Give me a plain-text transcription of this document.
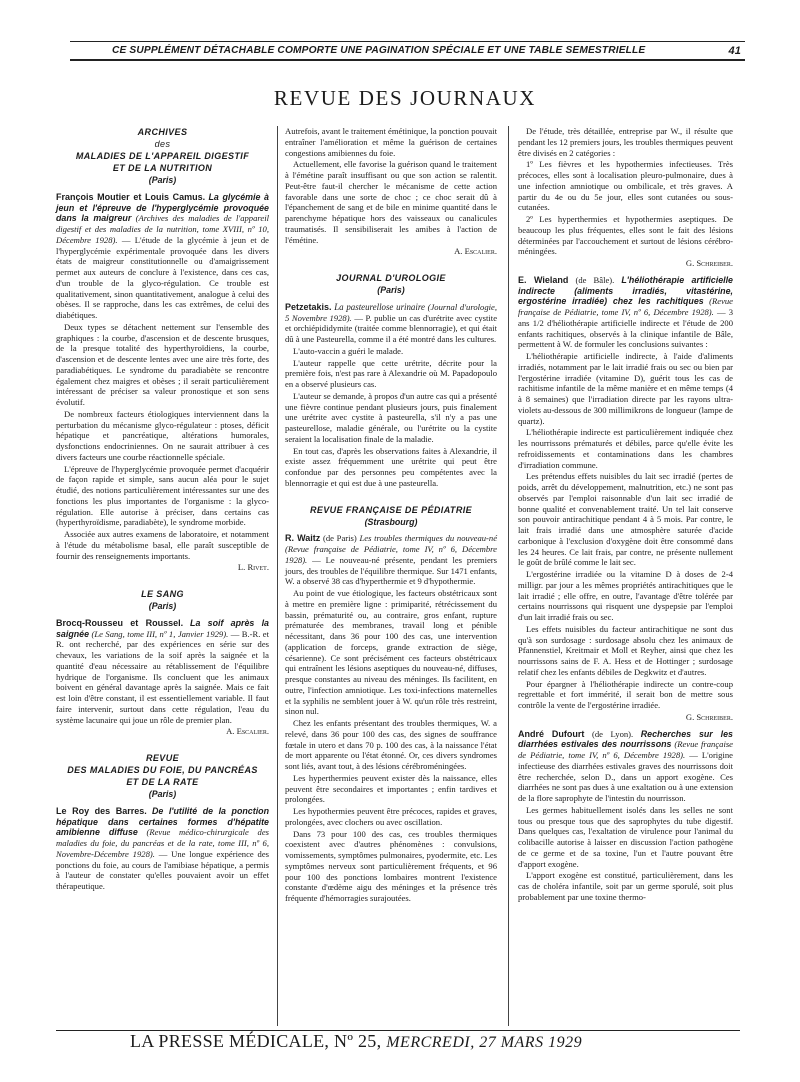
CE SUPPLÉMENT DÉTACHABLE COMPORTE UNE PAGINATION SPÉCIALE ET UNE TABLE SEMESTRIELLE	41
REVUE DES JOURNAUX
ARCHIVES
des
MALADIES DE L'APPAREIL DIGESTIF
ET DE LA NUTRITION
(Paris)

François Moutier et Louis Camus. La glycémie à jeun et l'épreuve de l'hyperglycémie provoquée dans la maigreur (Archives des maladies de l'appareil digestif et des maladies de la nutrition, tome XVIII, nº 10, Décembre 1928). — L'étude de la glycémie à jeun et de l'hyperglycémie expérimentale provoquée dans les divers états de maigreur constitutionnelle ou d'amaigrissement permet aux auteurs de conclure à l'existence, dans ces cas, d'un trouble de la glyco-régulation. Ce trouble est qualitativement, sinon quantitativement, analogue à celui des obèses. Il se rapproche, dans les cas extrêmes, de celui des diabétiques.

Deux types se détachent nettement sur l'ensemble des graphiques : la courbe, d'ascension et de descente brusques, de la presque totalité des hyperthyroïdiens, la courbe, d'ascension et de descente lentes avec une aire très forte, des paradiabétiques. Le syndrome du paradiabète se rencontre également chez maigres et obèses ; il serait particulièrement intéressant de préciser sa valeur pronostique et son sens évolutif.

De nombreux facteurs étiologiques interviennent dans la perturbation du mécanisme glyco-régulateur : ptoses, déficit hépatique et pancréatique, altérations humorales, dysfonctions endocriniennes. On ne saurait attribuer à ces divers facteurs une courbe réactionnelle spéciale.

L'épreuve de l'hyperglycémie provoquée permet d'acquérir de façon rapide et simple, sans aucun aléa pour le sujet étudié, des notions particulièrement intéressantes sur une des fonctions les plus importantes de l'organisme : la glyco-régulation. Elle autorise à préciser, dans certains cas (hyperthyroïdisme, paradiabète), le syndrome morbide.

Associée aux autres examens de laboratoire, et notamment à l'étude du métabolisme basal, elle paraît susceptible de fournir des renseignements importants.

L. Rivet.

LE SANG
(Paris)

Brocq-Rousseu et Roussel. La soif après la saignée (Le Sang, tome III, nº 1, Janvier 1929). — B.-R. et R. ont recherché, par des expériences en série sur des chevaux, les variations de la soif après la saignée et la quantité d'eau nécessaire au rétablissement de l'équilibre hydrique de l'organisme. Ils concluent que les animaux boivent en général davantage après la saignée. Mais ce fait est loin d'être constant, il est essentiellement variable. Il faut faire intervenir, surtout dans cette régulation, l'eau du système lacunaire qui joue un rôle de premier plan.

A. Escalier.

REVUE
DES MALADIES DU FOIE, DU PANCRÉAS
ET DE LA RATE
(Paris)

Le Roy des Barres. De l'utilité de la ponction hépatique dans certaines formes d'hépatite amibienne diffuse (Revue médico-chirurgicale des maladies du foie, du pancréas et de la rate, tome III, nº 6, Novembre-Décembre 1928). — Une longue expérience des ponctions du foie, au cours de l'amibiase hépatique, a permis à l'auteur de constater qu'elles pouvaient avoir un effet thérapeutique.

Autrefois, avant le traitement émétinique, la ponction pouvait entraîner l'amélioration et même la guérison de certaines congestions amibiennes du foie.

Actuellement, elle favorise la guérison quand le traitement à l'émétine paraît insuffisant ou que son action se ralentit. Peut-être faut-il chercher le mécanisme de cette action favorable dans une sorte de choc ; ce choc serait dû à l'épanchement de sang et de bile en minime quantité dans le parenchyme hépatique hors des vaisseaux ou canalicules traumatisés. Il sensibiliserait les amibes à l'action de l'émétine.

A. Escalier.

JOURNAL D'UROLOGIE
(Paris)

Petzetakis. La pasteurellose urinaire (Journal d'urologie, 5 Novembre 1928). — P. publie un cas d'urétrite avec cystite et orchiépididymite (traitée comme blennorragie), et qui était dû à une Pasteurella, comme il a été montré dans les cultures.

L'auto-vaccin a guéri le malade.

L'auteur rappelle que cette urétrite, décrite pour la première fois, n'est pas rare à Alexandrie où M. Papadopoulo en a observé plusieurs cas.

L'auteur se demande, à propos d'un autre cas qui a présenté une fièvre continue pendant plusieurs jours, puis finalement une urétrite avec cystite à pasteurella, s'il n'y a pas une pasteurellose, maladie générale, ou l'urétrite ou la cystite seraient la localisation finale de la maladie.

En tout cas, d'après les observations faites à Alexandrie, il existe assez fréquemment une urétrite qui peut être confondue par des personnes peu compétentes avec la blennorragie et qui est due à une pasteurella.

REVUE FRANÇAISE DE PÉDIATRIE
(Strasbourg)

R. Waitz (de Paris) Les troubles thermiques du nouveau-né (Revue française de Pédiatrie, tome IV, nº 6, Décembre 1928). — Le nouveau-né présente, pendant les premiers jours, des troubles de l'équilibre thermique. Sur 1471 enfants, W. a observé 38 cas d'hyperthermie et 9 d'hypothermie.

Au point de vue étiologique, les facteurs obstétricaux sont à mettre en première ligne : primiparité, rétrécissement du bassin, prématurité ou, au contraire, gros enfant, rupture prématurée des membranes, travail long et pénible nécessitant, dans 36 pour 100 des cas, une intervention (application de forceps, grande extraction de siège, césarienne). Ce sont précisément ces facteurs obstétricaux qui entraînent les lésions aseptiques du nouveau-né, diffuses, presque constantes au niveau des méninges. Ils facilitent, en outre, l'infection amniotique. Les toxi-infections maternelles et la syphilis ne semblent jouer à W. qu'un rôle très restreint, sinon nul.

Chez les enfants présentant des troubles thermiques, W. a relevé, dans 36 pour 100 des cas, des signes de souffrance fœtale in utero et dans 70 p. 100 des cas, à la naissance l'état de mort apparente ou l'état étonné. Or, ces divers syndromes sont liés, avant tout, à des lésions cérébroméningées.

Les hyperthermies peuvent exister dès la naissance, elles peuvent être secondaires et importantes ; enfin tardives et prolongées.

Les hypothermies peuvent être précoces, rapides et graves, prolongées, avec clochers ou avec oscillation.

Dans 73 pour 100 des cas, ces troubles thermiques coexistent avec d'autres phénomènes : convulsions, vomissements, symptômes pulmonaires, pyodermite, etc. Les symptômes nerveux sont particulièrement fréquents, et 96 pour 100 des ponctions lombaires montrent l'existence constante d'œdème aigu des méninges et la présence très fréquente d'hémorragies surajoutées.

De l'étude, très détaillée, entreprise par W., il résulte que pendant les 12 premiers jours, les troubles thermiques peuvent être divisés en 2 catégories :

1º Les fièvres et les hypothermies infectieuses. Très précoces, elles sont à localisation pleuro-pulmonaire, dues à une infection amniotique ou ombilicale, et très graves. A partir du 4e ou du 5e jour, elles sont cutanées ou sous-cutanées.

2º Les hyperthermies et hypothermies aseptiques. De beaucoup les plus fréquentes, elles sont le fait des lésions déterminées par l'accouchement et surtout de lésions cérébro-méningées.

G. Schreiber.

E. Wieland (de Bâle). L'héliothérapie artificielle indirecte (aliments irradiés, vitastérine, ergostérine irradiée) chez les rachitiques (Revue française de Pédiatrie, tome IV, nº 6, Décembre 1928). — 3 ans 1/2 d'héliothérapie artificielle indirecte et l'étude de 200 enfants rachitiques, observés à la clinique infantile de Bâle, permettent à W. de formuler les conclusions suivantes :

L'héliothérapie artificielle indirecte, à l'aide d'aliments irradiés, notamment par le lait irradié frais ou sec ou bien par l'ergostérine irradiée (vitamine D), guérit tous les cas de rachitisme infantile de la même manière et en même temps (4 à 8 semaines) que l'irradiation directe par les rayons ultra-violets au-dessous de 300 millimikrons de longueur (lampe de quartz).

L'héliothérapie indirecte est particulièrement indiquée chez les nourrissons prématurés et débiles, parce qu'elle évite les refroidissements et contaminations dans les chambres d'irradiation commune.

Les prétendus effets nuisibles du lait sec irradié (pertes de poids, arrêt du développement, malnutrition, etc.) ne sont pas observés par l'emploi raisonnable d'un lait sec irradié de bonne qualité et convenablement traité. Un tel lait conserve son pouvoir antirachitique pendant 4 à 5 mois. Par contre, le lait frais irradié dans une atmosphère saturée d'acide carbonique à l'exclusion d'oxygène doit être consommé dans les 24 heures. Ce lait frais, par contre, ne présente nullement le goût de brûlé comme le lait sec.

L'ergostérine irradiée ou la vitamine D à doses de 2-4 milligr. par jour a les mêmes propriétés antirachitiques que le lait irradié ; elle offre, en outre, l'avantage d'être tolérée par certains nourrissons qui risquent une dyspepsie par l'emploi d'un lait irradié frais ou sec.

Les effets nuisibles du facteur antirachitique ne sont dus qu'à son surdosage : surdosage absolu chez les animaux de Pfannenstiel, Kreitmair et Moll et Reyher, ainsi que chez les nourrissons sains de F. A. Hess et de Hottinger ; surdosage relatif chez les enfants débiles de Degkwitz et d'autres.

Pour épargner à l'héliothérapie indirecte un contre-coup regrettable et fort immérité, il serait bon de mettre sous contrôle la vente de l'ergostérine irradiée.

G. Schreiber.

André Dufourt (de Lyon). Recherches sur les diarrhées estivales des nourrissons (Revue française de Pédiatrie, tome IV, nº 6, Décembre 1928). — L'origine infectieuse des diarrhées estivales graves des nourrissons doit être recherchée, selon D., dans un apport exogène. Ces diarrhées ne sont pas dues à une exaltation ou à une extension de la flore saprophyte de l'intestin du nourrisson.

Les germes habituellement isolés dans les selles ne sont tous ou presque tous que des saprophytes du tube digestif. Dans quelques cas, l'exaltation de virulence pour l'animal du colibacille autorise à laisser en discussion l'action pathogène de ce germe et de sa toxine, l'un et l'autre pouvant être d'apport exogène.

L'apport exogène est constitué, particulièrement, dans les cas de choléra infantile, soit par un germe sporulé, soit plus probablement par une toxine thermo-

LA PRESSE MÉDICALE, Nº 25, MERCREDI, 27 MARS 1929
